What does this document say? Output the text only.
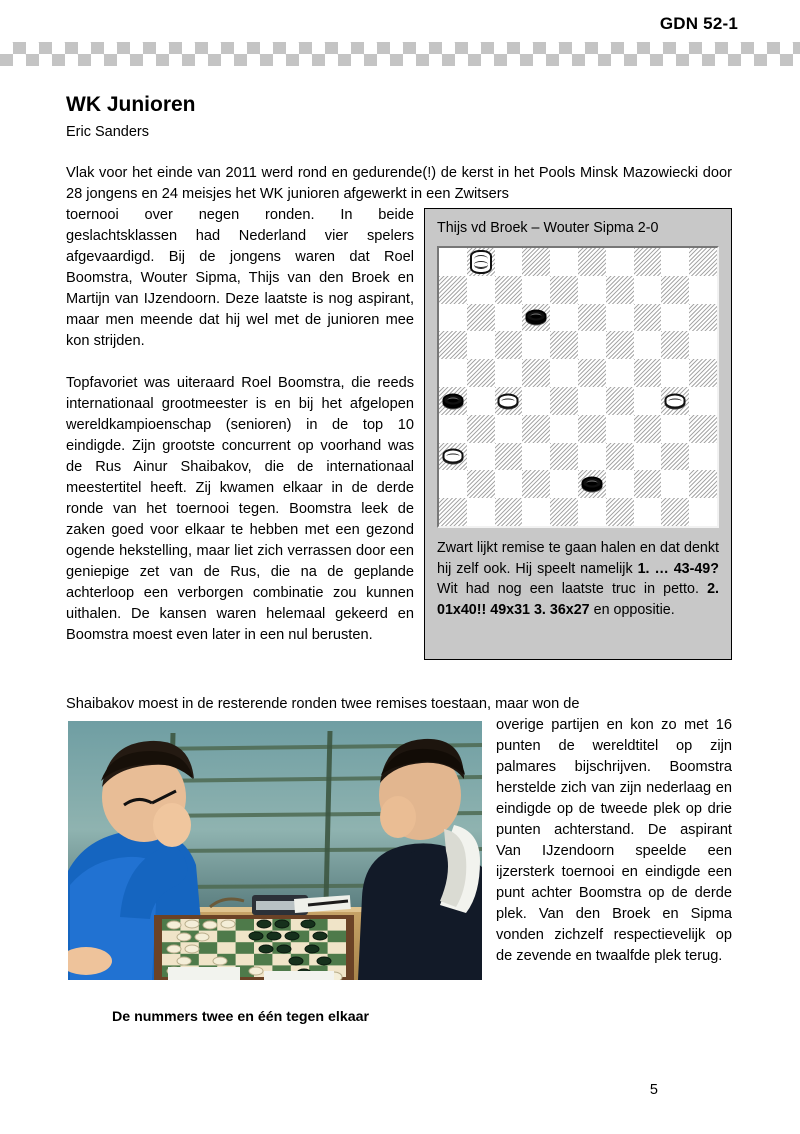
GDN 52-1
WK Junioren
Eric Sanders
Vlak voor het einde van 2011 werd rond en gedurende(!) de kerst in het Pools Minsk Mazowiecki door 28 jongens en 24 meisjes het WK junioren afgewerkt in een Zwitsers

toernooi over negen ronden. In beide geslachtsklassen had Nederland vier spelers afgevaardigd. Bij de jongens waren dat Roel Boomstra, Wouter Sipma, Thijs van den Broek en Martijn van IJzendoorn. Deze laatste is nog aspirant, maar men meende dat hij wel met de junioren mee kon strijden.

Topfavoriet was uiteraard Roel Boomstra, die reeds internationaal grootmeester is en bij het afgelopen wereldkampioenschap (senioren) in de top 10 eindigde. Zijn grootste concurrent op voorhand was de Rus Ainur Shaibakov, die de internationaal meestertitel heeft. Zij kwamen elkaar in de derde ronde van het toernooi tegen. Boomstra leek de zaken goed voor elkaar te hebben met een gezond ogende hekstelling, maar liet zich verrassen door een geniepige zet van de Rus, die na de geplande achterloop een verborgen combinatie zou kunnen uithalen. De kansen waren helemaal gekeerd en Boomstra moest even later in een nul berusten.

Thijs vd Broek – Wouter Sipma 2-0
Zwart lijkt remise te gaan halen en dat denkt hij zelf ook. Hij speelt namelijk 1. … 43-49? Wit had nog een laatste truc in petto. 2. 01x40!! 49x31 3. 36x27 en oppositie.
Shaibakov moest in de resterende ronden twee remises toestaan, maar won de
De nummers twee en één tegen elkaar
overige partijen en kon zo met 16 punten de wereldtitel op zijn palmares bijschrijven. Boomstra herstelde zich van zijn nederlaag en eindigde op de tweede plek op drie punten achterstand. De aspirant Van IJzendoorn speelde een ijzersterk toernooi en eindigde een punt achter Boomstra op de derde plek. Van den Broek en Sipma vonden zichzelf respectievelijk op de zevende en twaalfde plek terug.
5
